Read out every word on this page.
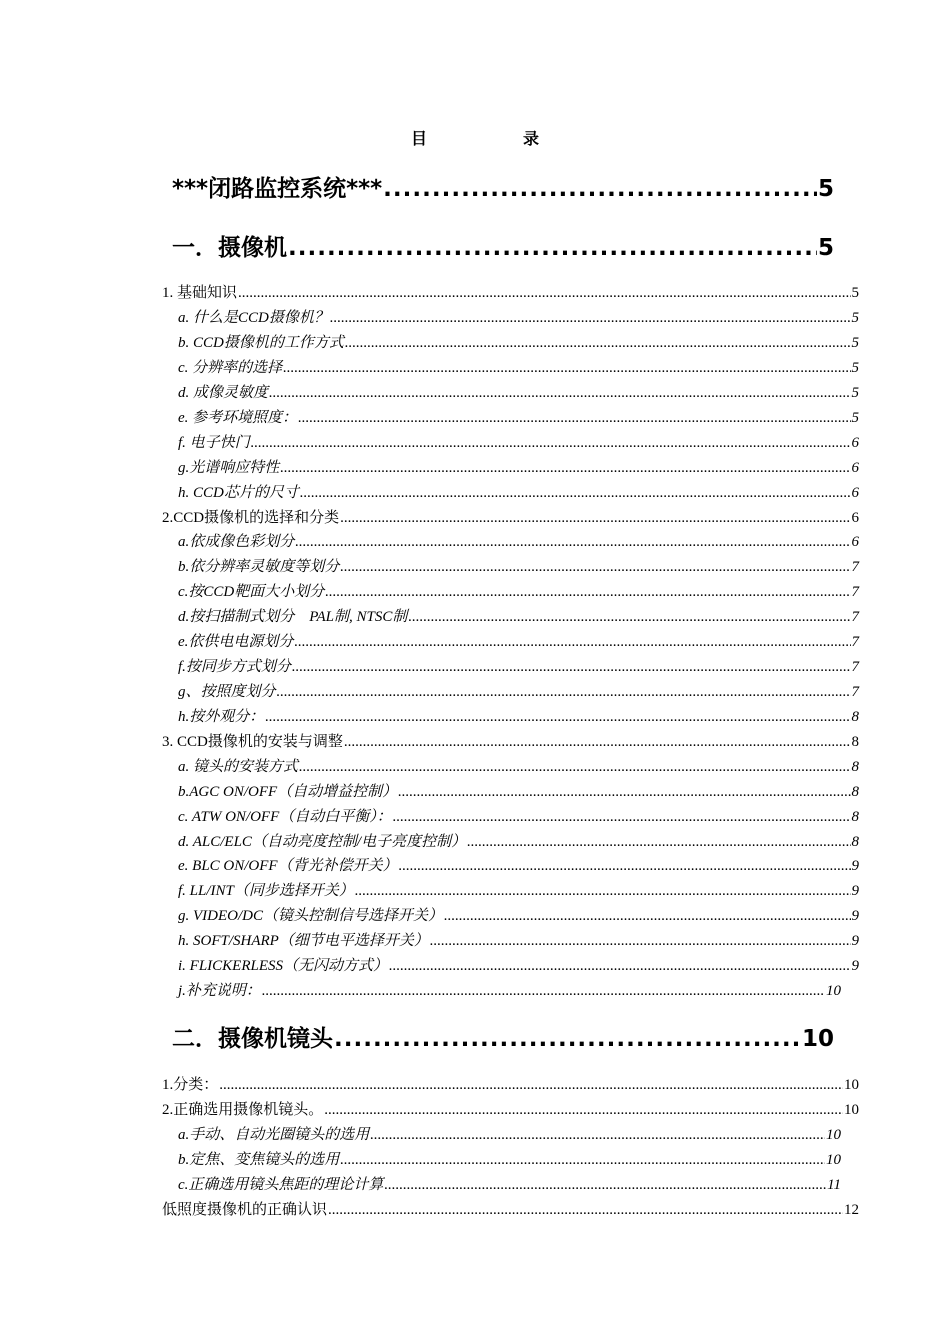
目　录
***闭路监控系统*** .....	5
一．摄像机 .....	5
1. 基础知识 .....	5
a. 什么是CCD摄像机？ .....	5
b. CCD摄像机的工作方式 .....	5
c. 分辨率的选择 .....	5
d. 成像灵敏度 .....	5
e. 参考环境照度： .....	5
f. 电子快门 .....	6
g.光谱响应特性 .....	6
h. CCD芯片的尺寸 .....	6
2.CCD摄像机的选择和分类 .....	6
a.依成像色彩划分 .....	6
b.依分辨率灵敏度等划分 .....	7
c.按CCD靶面大小划分 .....	7
d.按扫描制式划分　PAL制, NTSC制 .....	7
e.依供电电源划分 .....	7
f.按同步方式划分 .....	7
g、按照度划分 .....	7
h.按外观分： .....	8
3. CCD摄像机的安装与调整 .....	8
a. 镜头的安装方式 .....	8
b.AGC ON/OFF（自动增益控制） .....	8
c. ATW ON/OFF（自动白平衡）： .....	8
d. ALC/ELC（自动亮度控制/电子亮度控制） .....	8
e. BLC ON/OFF（背光补偿开关） .....	9
f. LL/INT（同步选择开关） .....	9
g. VIDEO/DC（镜头控制信号选择开关） .....	9
h. SOFT/SHARP（细节电平选择开关） .....	9
i. FLICKERLESS（无闪动方式） .....	9
j.补充说明： .....	10
二．摄像机镜头 .....	10
1.分类： .....	10
2.正确选用摄像机镜头。 .....	10
a.手动、自动光圈镜头的选用 .....	10
b.定焦、变焦镜头的选用 .....	10
c.正确选用镜头焦距的理论计算 .....	11
低照度摄像机的正确认识 .....	12
